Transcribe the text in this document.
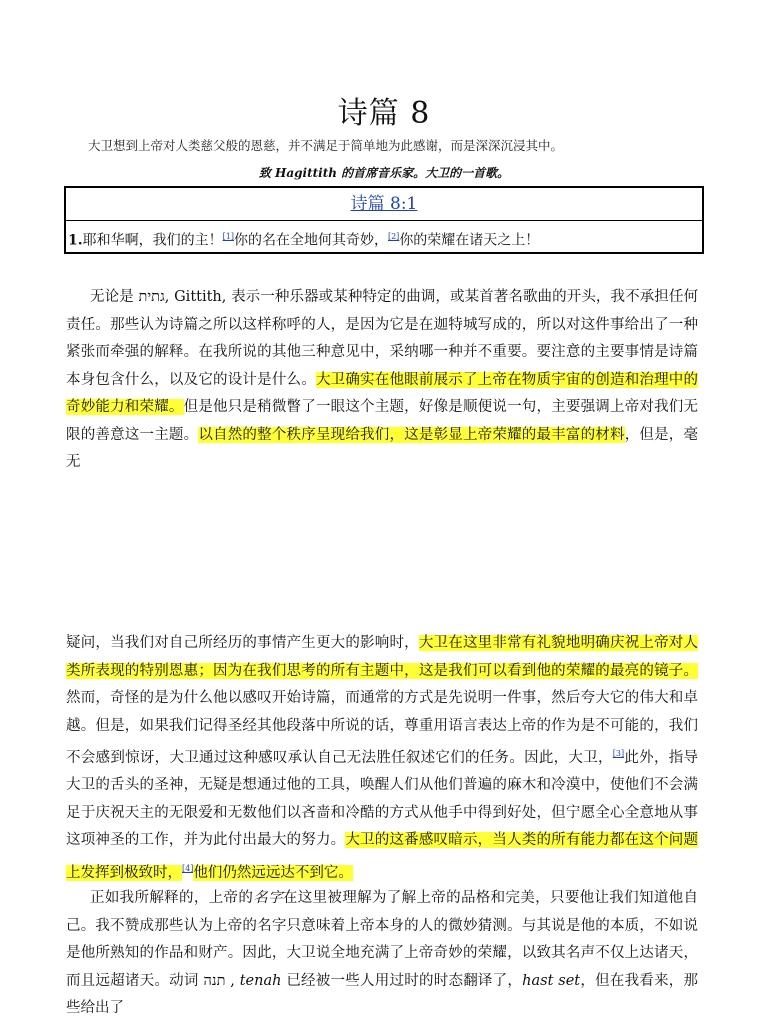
诗篇 8
大卫想到上帝对人类慈父般的恩慈，并不满足于简单地为此感谢，而是深深沉浸其中。
致 Hagittith 的首席音乐家。大卫的一首歌。
诗篇 8:1
1.耶和华啊，我们的主！[1]你的名在全地何其奇妙，[2]你的荣耀在诸天之上！

无论是 גתית, Gittith, 表示一种乐器或某种特定的曲调，或某首著名歌曲的开头，我不承担任何责任。那些认为诗篇之所以这样称呼的人，是因为它是在迦特城写成的，所以对这件事给出了一种紧张而牵强的解释。在我所说的其他三种意见中，采纳哪一种并不重要。要注意的主要事情是诗篇本身包含什么，以及它的设计是什么。大卫确实在他眼前展示了上帝在物质宇宙的创造和治理中的奇妙能力和荣耀。但是他只是稍微瞥了一眼这个主题，好像是顺便说一句，主要强调上帝对我们无限的善意这一主题。以自然的整个秩序呈现给我们，这是彰显上帝荣耀的最丰富的材料，但是，毫无

疑问，当我们对自己所经历的事情产生更大的影响时，大卫在这里非常有礼貌地明确庆祝上帝对人类所表现的特别恩惠；因为在我们思考的所有主题中，这是我们可以看到他的荣耀的最亮的镜子。然而，奇怪的是为什么他以感叹开始诗篇，而通常的方式是先说明一件事，然后夸大它的伟大和卓越。但是，如果我们记得圣经其他段落中所说的话，尊重用语言表达上帝的作为是不可能的，我们不会感到惊讶，大卫通过这种感叹承认自己无法胜任叙述它们的任务。因此，大卫，[3]此外，指导大卫的舌头的圣神，无疑是想通过他的工具，唤醒人们从他们普遍的麻木和冷漠中，使他们不会满足于庆祝天主的无限爱和无数他们以吝啬和冷酷的方式从他手中得到好处，但宁愿全心全意地从事这项神圣的工作，并为此付出最大的努力。大卫的这番感叹暗示，当人类的所有能力都在这个问题上发挥到极致时，[4]他们仍然远远达不到它。

正如我所解释的，上帝的名字在这里被理解为了解上帝的品格和完美，只要他让我们知道他自己。我不赞成那些认为上帝的名字只意味着上帝本身的人的微妙猜测。与其说是他的本质，不如说是他所熟知的作品和财产。因此，大卫说全地充满了上帝奇妙的荣耀，以致其名声不仅上达诸天，而且远超诸天。动词 תנה , tenah 已经被一些人用过时的时态翻译了，hast set，但在我看来，那些给出了
